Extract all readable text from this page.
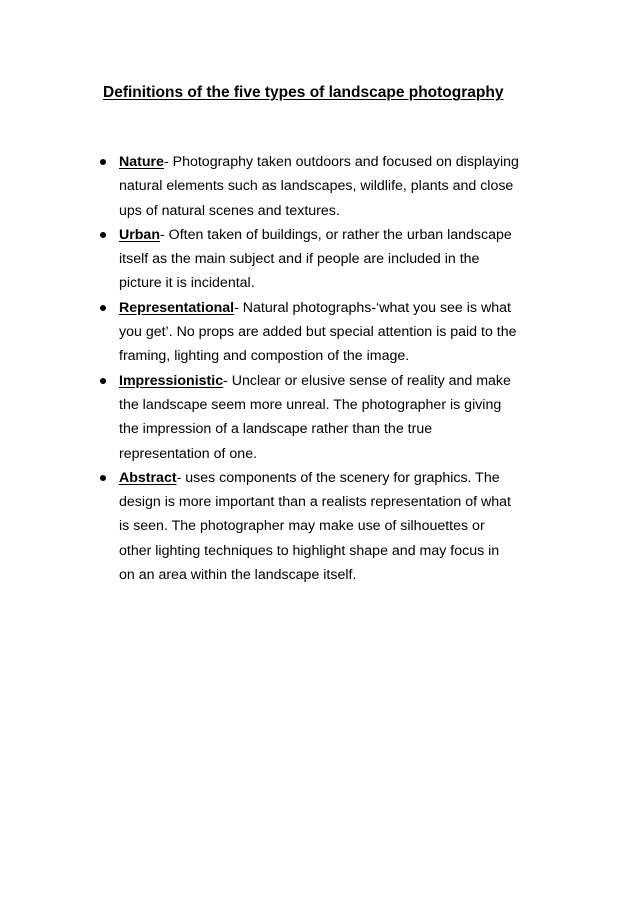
Definitions of the five types of landscape photography
Nature- Photography taken outdoors and focused on displaying
natural elements such as landscapes, wildlife, plants and close
ups of natural scenes and textures.
Urban- Often taken of buildings, or rather the urban landscape
itself as the main subject and if people are included in the
picture it is incidental.
Representational- Natural photographs-‘what you see is what
you get’. No props are added but special attention is paid to the
framing, lighting and compostion of the image.
Impressionistic- Unclear or elusive sense of reality and make
the landscape seem more unreal. The photographer is giving
the impression of a landscape rather than the true
representation of one.
Abstract- uses components of the scenery for graphics. The
design is more important than a realists representation of what
is seen. The photographer may make use of silhouettes or
other lighting techniques to highlight shape and may focus in
on an area within the landscape itself.
